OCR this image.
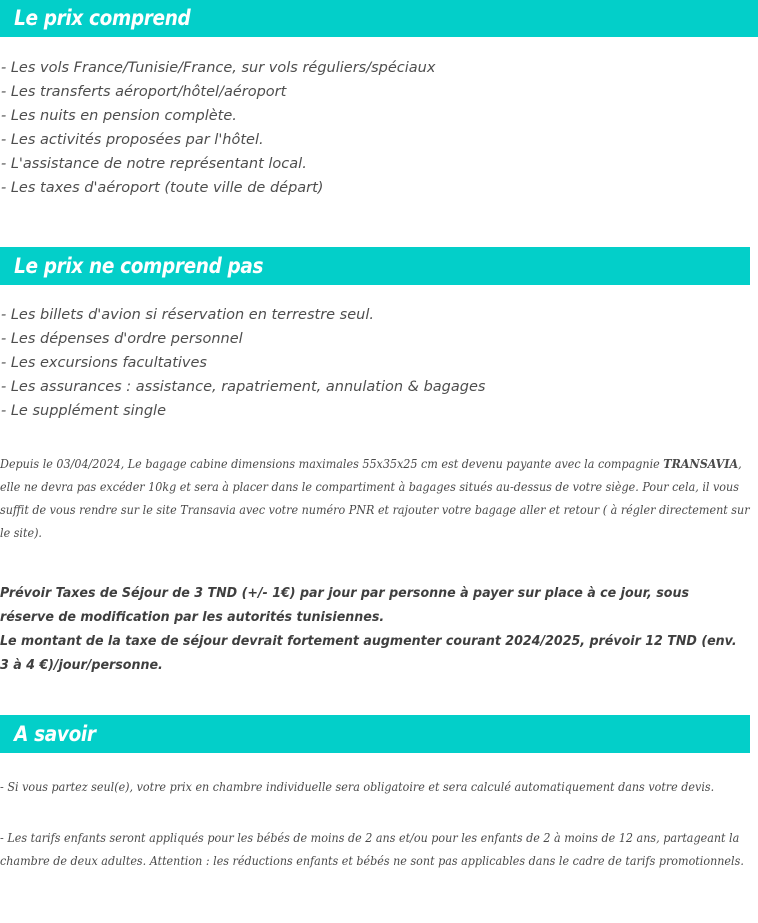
Le prix comprend
- Les vols France/Tunisie/France, sur vols réguliers/spéciaux
- Les transferts aéroport/hôtel/aéroport
- Les nuits en pension complète.
- Les activités proposées par l'hôtel.
- L'assistance de notre représentant local.
- Les taxes d'aéroport (toute ville de départ)
Le prix ne comprend pas
- Les billets d'avion si réservation en terrestre seul.
- Les dépenses d'ordre personnel
- Les excursions facultatives
- Les assurances : assistance, rapatriement, annulation & bagages
- Le supplément single

Depuis le 03/04/2024, Le bagage cabine dimensions maximales 55x35x25 cm est devenu payante avec la compagnie TRANSAVIA, elle ne devra pas excéder 10kg et sera à placer dans le compartiment à bagages situés au-dessus de votre siège. Pour cela, il vous suffit de vous rendre sur le site Transavia avec votre numéro PNR et rajouter votre bagage aller et retour ( à régler directement sur le site).

Prévoir Taxes de Séjour de 3 TND (+/- 1€) par jour par personne à payer sur place à ce jour, sous réserve de modification par les autorités tunisiennes.

Le montant de la taxe de séjour devrait fortement augmenter courant 2024/2025, prévoir 12 TND (env. 3 à 4 €)/jour/personne.

A savoir

- Si vous partez seul(e), votre prix en chambre individuelle sera obligatoire et sera calculé automatiquement dans votre devis.

- Les tarifs enfants seront appliqués pour les bébés de moins de 2 ans et/ou pour les enfants de 2 à moins de 12 ans, partageant la chambre de deux adultes. Attention : les réductions enfants et bébés ne sont pas applicables dans le cadre de tarifs promotionnels.
